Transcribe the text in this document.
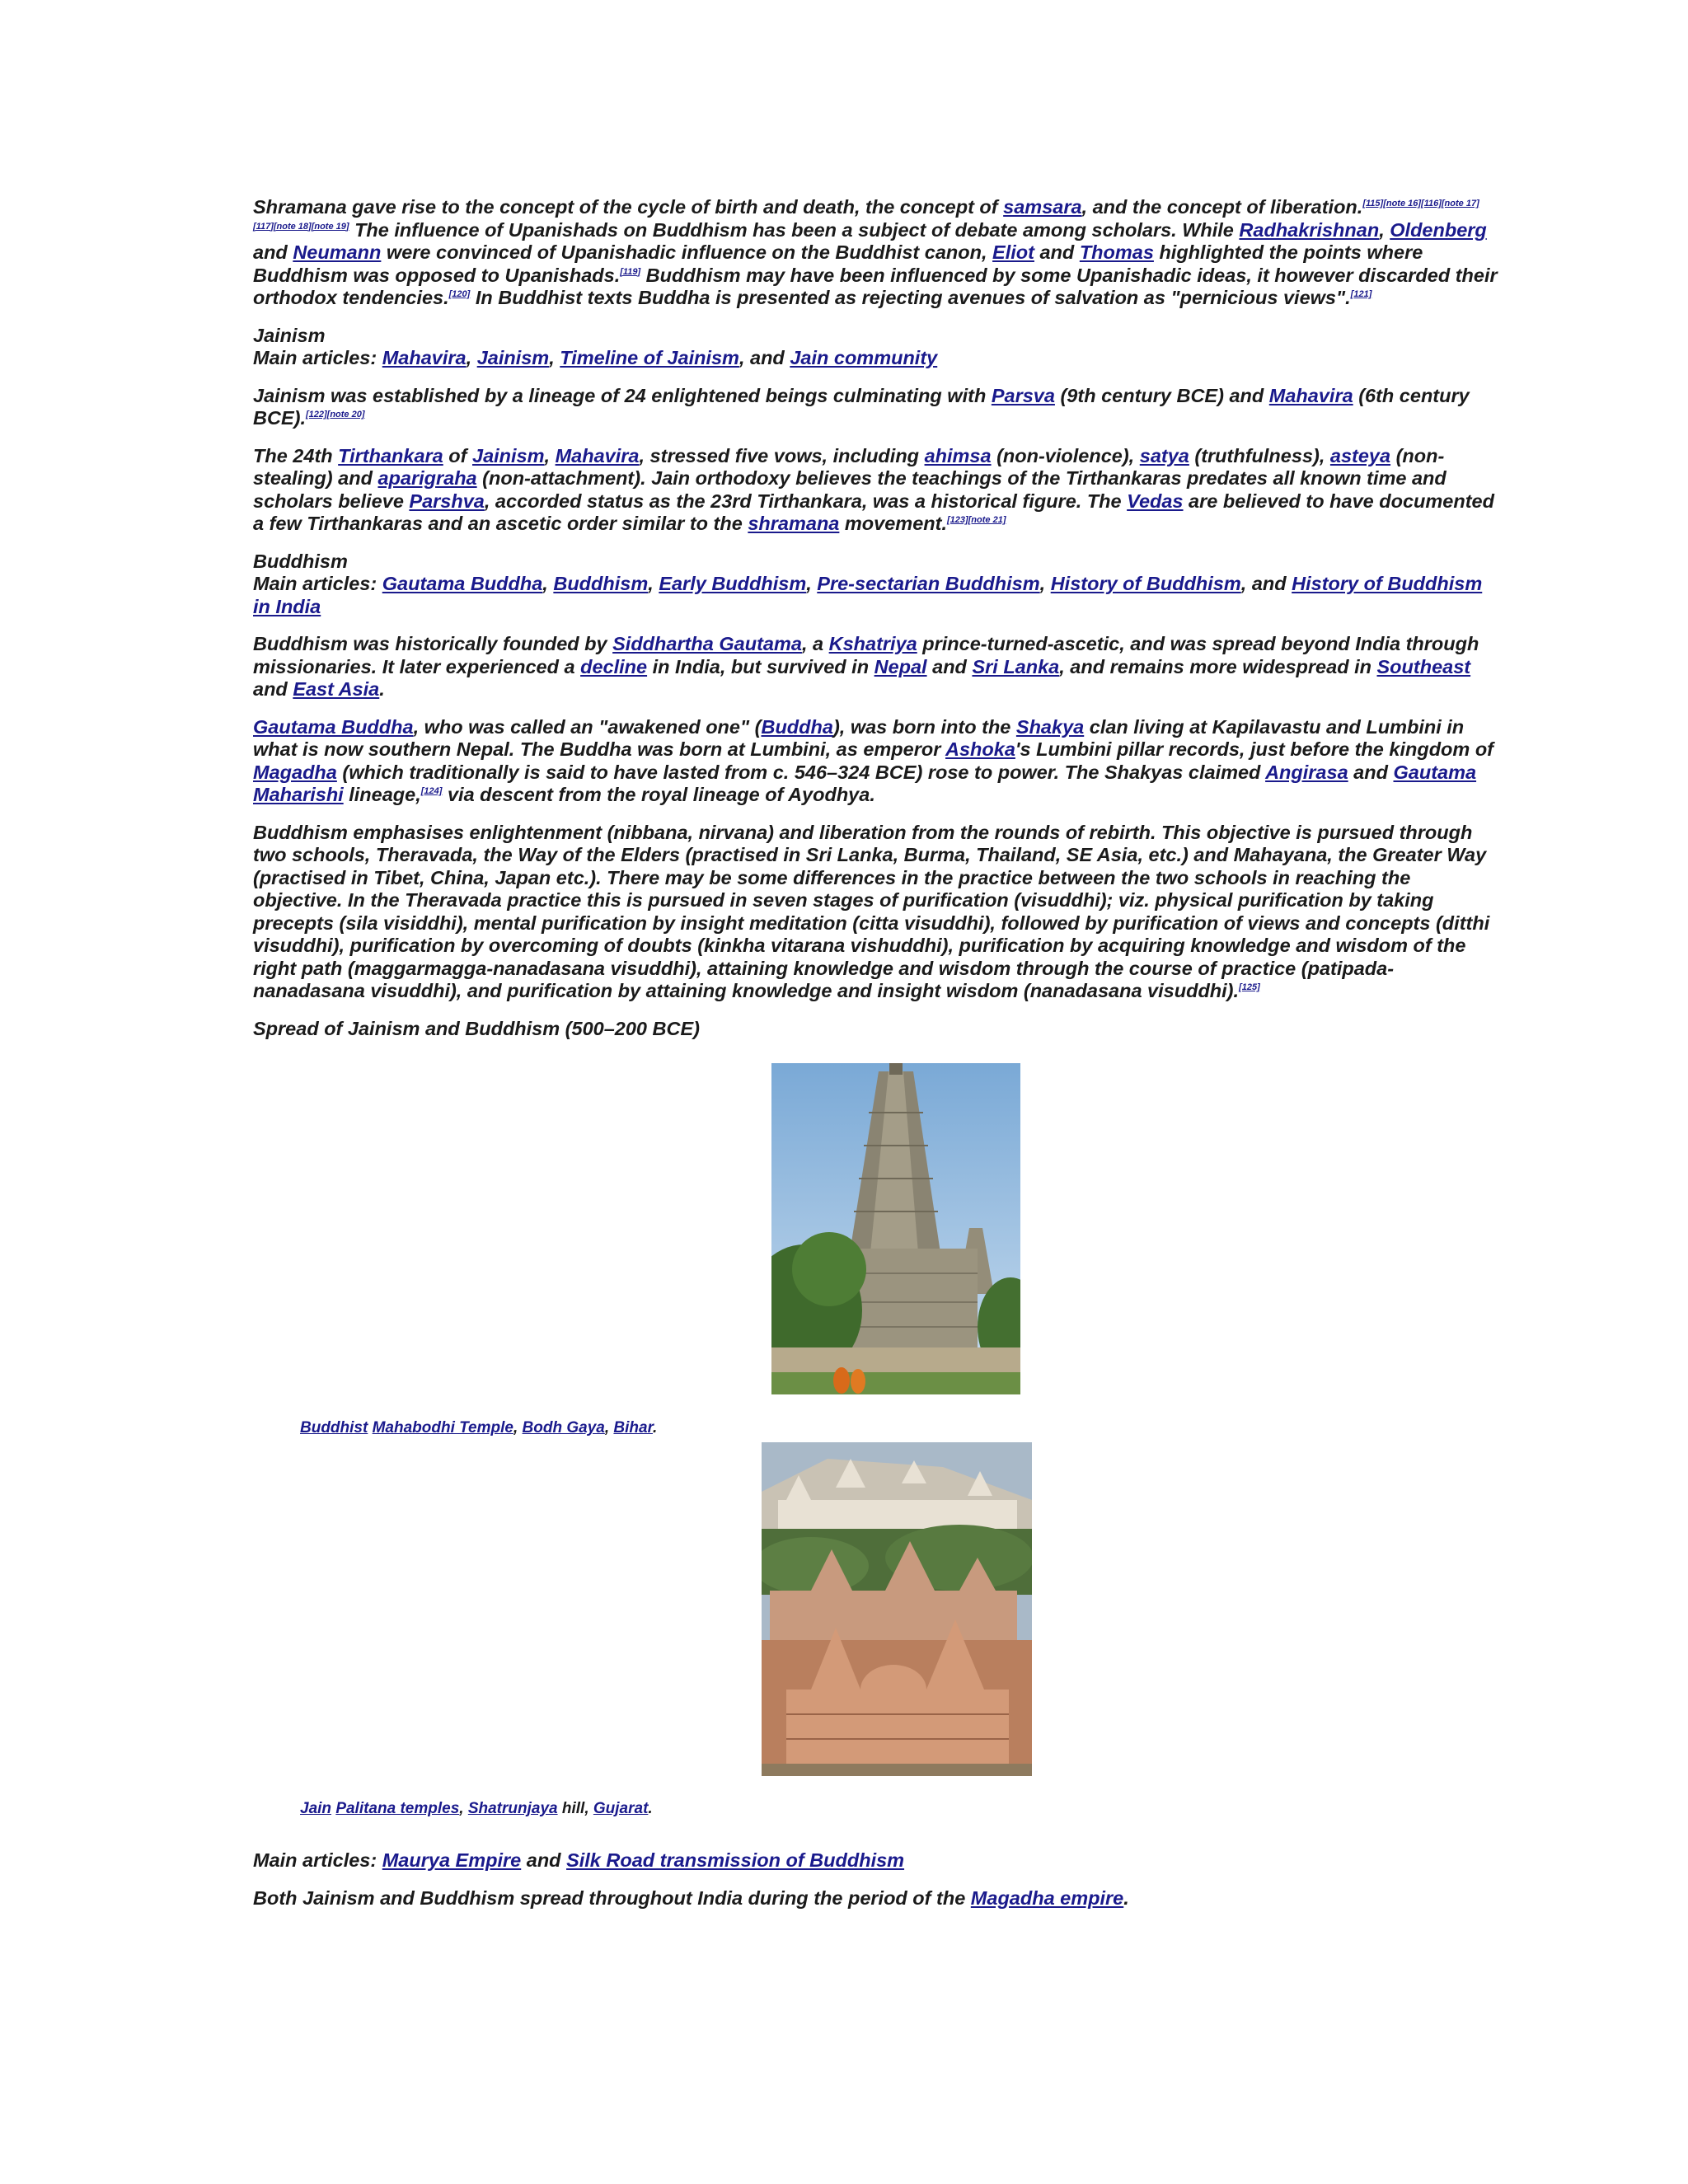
Shramana gave rise to the concept of the cycle of birth and death, the concept of samsara, and the concept of liberation.[115][note 16][116][note 17][117][note 18][note 19] The influence of Upanishads on Buddhism has been a subject of debate among scholars. While Radhakrishnan, Oldenberg and Neumann were convinced of Upanishadic influence on the Buddhist canon, Eliot and Thomas highlighted the points where Buddhism was opposed to Upanishads.[119] Buddhism may have been influenced by some Upanishadic ideas, it however discarded their orthodox tendencies.[120] In Buddhist texts Buddha is presented as rejecting avenues of salvation as "pernicious views".[121]

Jainism
Main articles: Mahavira, Jainism, Timeline of Jainism, and Jain community

Jainism was established by a lineage of 24 enlightened beings culminating with Parsva (9th century BCE) and Mahavira (6th century BCE).[122][note 20]

The 24th Tirthankara of Jainism, Mahavira, stressed five vows, including ahimsa (non-violence), satya (truthfulness), asteya (non-stealing) and aparigraha (non-attachment). Jain orthodoxy believes the teachings of the Tirthankaras predates all known time and scholars believe Parshva, accorded status as the 23rd Tirthankara, was a historical figure. The Vedas are believed to have documented a few Tirthankaras and an ascetic order similar to the shramana movement.[123][note 21]

Buddhism
Main articles: Gautama Buddha, Buddhism, Early Buddhism, Pre-sectarian Buddhism, History of Buddhism, and History of Buddhism in India

Buddhism was historically founded by Siddhartha Gautama, a Kshatriya prince-turned-ascetic, and was spread beyond India through missionaries. It later experienced a decline in India, but survived in Nepal and Sri Lanka, and remains more widespread in Southeast and East Asia.

Gautama Buddha, who was called an "awakened one" (Buddha), was born into the Shakya clan living at Kapilavastu and Lumbini in what is now southern Nepal. The Buddha was born at Lumbini, as emperor Ashoka's Lumbini pillar records, just before the kingdom of Magadha (which traditionally is said to have lasted from c. 546–324 BCE) rose to power. The Shakyas claimed Angirasa and Gautama Maharishi lineage,[124] via descent from the royal lineage of Ayodhya.

Buddhism emphasises enlightenment (nibbana, nirvana) and liberation from the rounds of rebirth. This objective is pursued through two schools, Theravada, the Way of the Elders (practised in Sri Lanka, Burma, Thailand, SE Asia, etc.) and Mahayana, the Greater Way (practised in Tibet, China, Japan etc.). There may be some differences in the practice between the two schools in reaching the objective. In the Theravada practice this is pursued in seven stages of purification (visuddhi); viz. physical purification by taking precepts (sila visiddhi), mental purification by insight meditation (citta visuddhi), followed by purification of views and concepts (ditthi visuddhi), purification by overcoming of doubts (kinkha vitarana vishuddhi), purification by acquiring knowledge and wisdom of the right path (maggarmagga-nanadasana visuddhi), attaining knowledge and wisdom through the course of practice (patipada-nanadasana visuddhi), and purification by attaining knowledge and insight wisdom (nanadasana visuddhi).[125]

Spread of Jainism and Buddhism (500–200 BCE)

Buddhist Mahabodhi Temple, Bodh Gaya, Bihar.
Jain Palitana temples, Shatrunjaya hill, Gujarat.

Main articles: Maurya Empire and Silk Road transmission of Buddhism

Both Jainism and Buddhism spread throughout India during the period of the Magadha empire.
